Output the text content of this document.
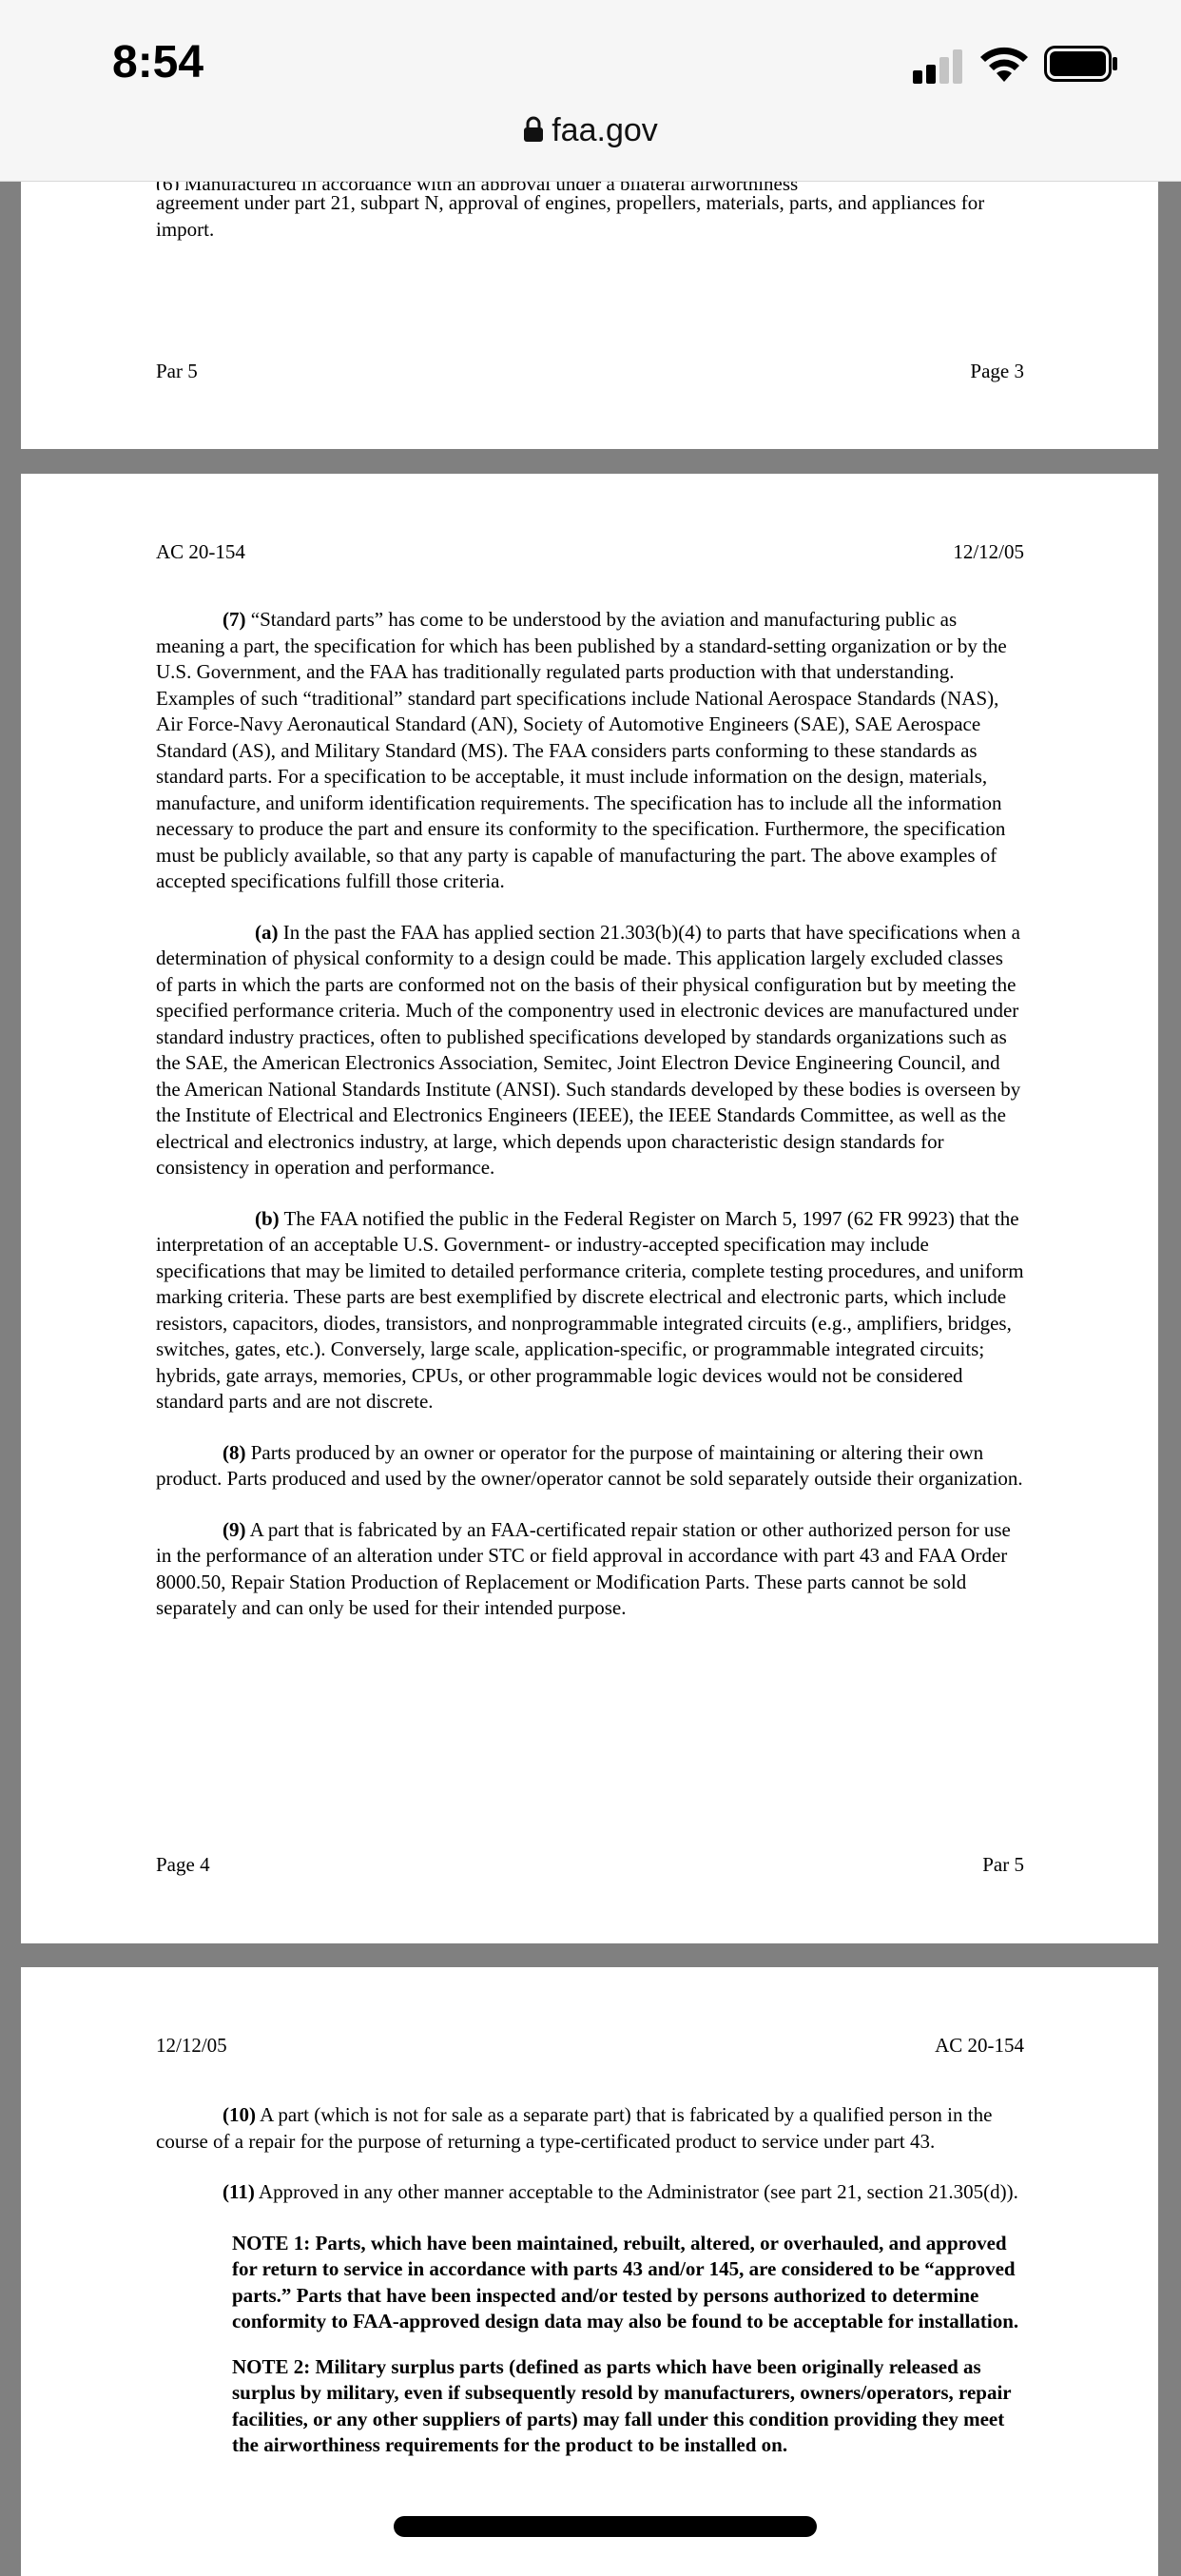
8:54
faa.gov
agreement under part 21, subpart N, approval of engines, propellers, materials, parts, and appliances for import.
Par 5	Page 3
AC 20-154	12/12/05

(7) “Standard parts” has come to be understood by the aviation and manufacturing public as meaning a part, the specification for which has been published by a standard-setting organization or by the U.S. Government, and the FAA has traditionally regulated parts production with that understanding. Examples of such “traditional” standard part specifications include National Aerospace Standards (NAS), Air Force-Navy Aeronautical Standard (AN), Society of Automotive Engineers (SAE), SAE Aerospace Standard (AS), and Military Standard (MS). The FAA considers parts conforming to these standards as standard parts. For a specification to be acceptable, it must include information on the design, materials, manufacture, and uniform identification requirements. The specification has to include all the information necessary to produce the part and ensure its conformity to the specification. Furthermore, the specification must be publicly available, so that any party is capable of manufacturing the part. The above examples of accepted specifications fulfill those criteria.

(a) In the past the FAA has applied section 21.303(b)(4) to parts that have specifications when a determination of physical conformity to a design could be made. This application largely excluded classes of parts in which the parts are conformed not on the basis of their physical configuration but by meeting the specified performance criteria. Much of the componentry used in electronic devices are manufactured under standard industry practices, often to published specifications developed by standards organizations such as the SAE, the American Electronics Association, Semitec, Joint Electron Device Engineering Council, and the American National Standards Institute (ANSI). Such standards developed by these bodies is overseen by the Institute of Electrical and Electronics Engineers (IEEE), the IEEE Standards Committee, as well as the electrical and electronics industry, at large, which depends upon characteristic design standards for consistency in operation and performance.

(b) The FAA notified the public in the Federal Register on March 5, 1997 (62 FR 9923) that the interpretation of an acceptable U.S. Government- or industry-accepted specification may include specifications that may be limited to detailed performance criteria, complete testing procedures, and uniform marking criteria. These parts are best exemplified by discrete electrical and electronic parts, which include resistors, capacitors, diodes, transistors, and nonprogrammable integrated circuits (e.g., amplifiers, bridges, switches, gates, etc.). Conversely, large scale, application-specific, or programmable integrated circuits; hybrids, gate arrays, memories, CPUs, or other programmable logic devices would not be considered standard parts and are not discrete.

(8) Parts produced by an owner or operator for the purpose of maintaining or altering their own product. Parts produced and used by the owner/operator cannot be sold separately outside their organization.

(9) A part that is fabricated by an FAA-certificated repair station or other authorized person for use in the performance of an alteration under STC or field approval in accordance with part 43 and FAA Order 8000.50, Repair Station Production of Replacement or Modification Parts. These parts cannot be sold separately and can only be used for their intended purpose.

Page 4	Par 5
12/12/05	AC 20-154

(10) A part (which is not for sale as a separate part) that is fabricated by a qualified person in the course of a repair for the purpose of returning a type-certificated product to service under part 43.

(11) Approved in any other manner acceptable to the Administrator (see part 21, section 21.305(d)).

NOTE 1: Parts, which have been maintained, rebuilt, altered, or overhauled, and approved for return to service in accordance with parts 43 and/or 145, are considered to be “approved parts.” Parts that have been inspected and/or tested by persons authorized to determine conformity to FAA-approved design data may also be found to be acceptable for installation.

NOTE 2: Military surplus parts (defined as parts which have been originally released as surplus by military, even if subsequently resold by manufacturers, owners/operators, repair facilities, or any other suppliers of parts) may fall under this condition providing they meet the airworthiness requirements for the product to be installed on.
